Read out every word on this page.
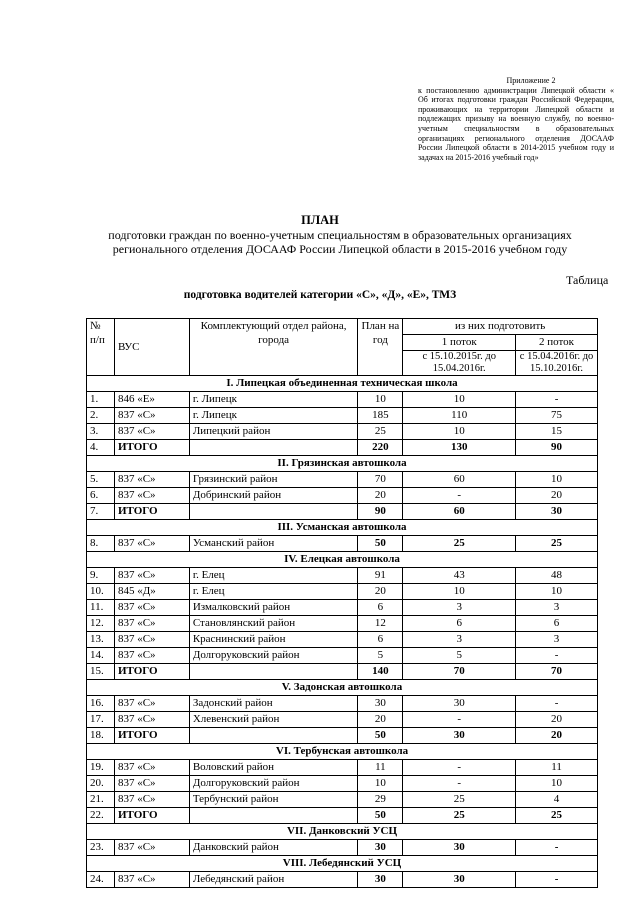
Приложение 2
к постановлению администрации Липецкой области « Об итогах подготовки граждан Российской Федерации, проживающих на территории Липецкой области и подлежащих призыву на военную службу, по военно-учетным специальностям в образовательных организациях регионального отделения ДОСААФ России Липецкой области в 2014-2015 учебном году и задачах на 2015-2016 учебный год»
ПЛАН
подготовки граждан по военно-учетным специальностям в образовательных организациях
регионального отделения ДОСААФ России Липецкой области в 2015-2016 учебном году
Таблица
подготовка водителей категории «С», «Д», «Е», ТМЗ
№ п/п	ВУС	Комплектующий отдел района, города	План на год	из них подготовить	
				1 поток	2 поток
				с 15.10.2015г. до 15.04.2016г.	с 15.04.2016г. до 15.10.2016г.
I. Липецкая объединенная техническая школа					
1.	846 «Е»	г. Липецк	10	10	-
2.	837 «С»	г. Липецк	185	110	75
3.	837 «С»	Липецкий район	25	10	15
4.	ИТОГО		220	130	90
II. Грязинская автошкола					
5.	837 «С»	Грязинский район	70	60	10
6.	837 «С»	Добринский район	20	-	20
7.	ИТОГО		90	60	30
III. Усманская автошкола					
8.	837 «С»	Усманский район	50	25	25
IV. Елецкая автошкола					
9.	837 «С»	г. Елец	91	43	48
10.	845 «Д»	г. Елец	20	10	10
11.	837 «С»	Измалковский район	6	3	3
12.	837 «С»	Становлянский район	12	6	6
13.	837 «С»	Краснинский район	6	3	3
14.	837 «С»	Долгоруковский район	5	5	-
15.	ИТОГО		140	70	70
V. Задонская автошкола					
16.	837 «С»	Задонский район	30	30	-
17.	837 «С»	Хлевенский район	20	-	20
18.	ИТОГО		50	30	20
VI. Тербунская автошкола					
19.	837 «С»	Воловский район	11	-	11
20.	837 «С»	Долгоруковский район	10	-	10
21.	837 «С»	Тербунский район	29	25	4
22.	ИТОГО		50	25	25
VII. Данковский УСЦ					
23.	837 «С»	Данковский район	30	30	-
VIII. Лебедянский УСЦ					
24.	837 «С»	Лебедянский район	30	30	-
